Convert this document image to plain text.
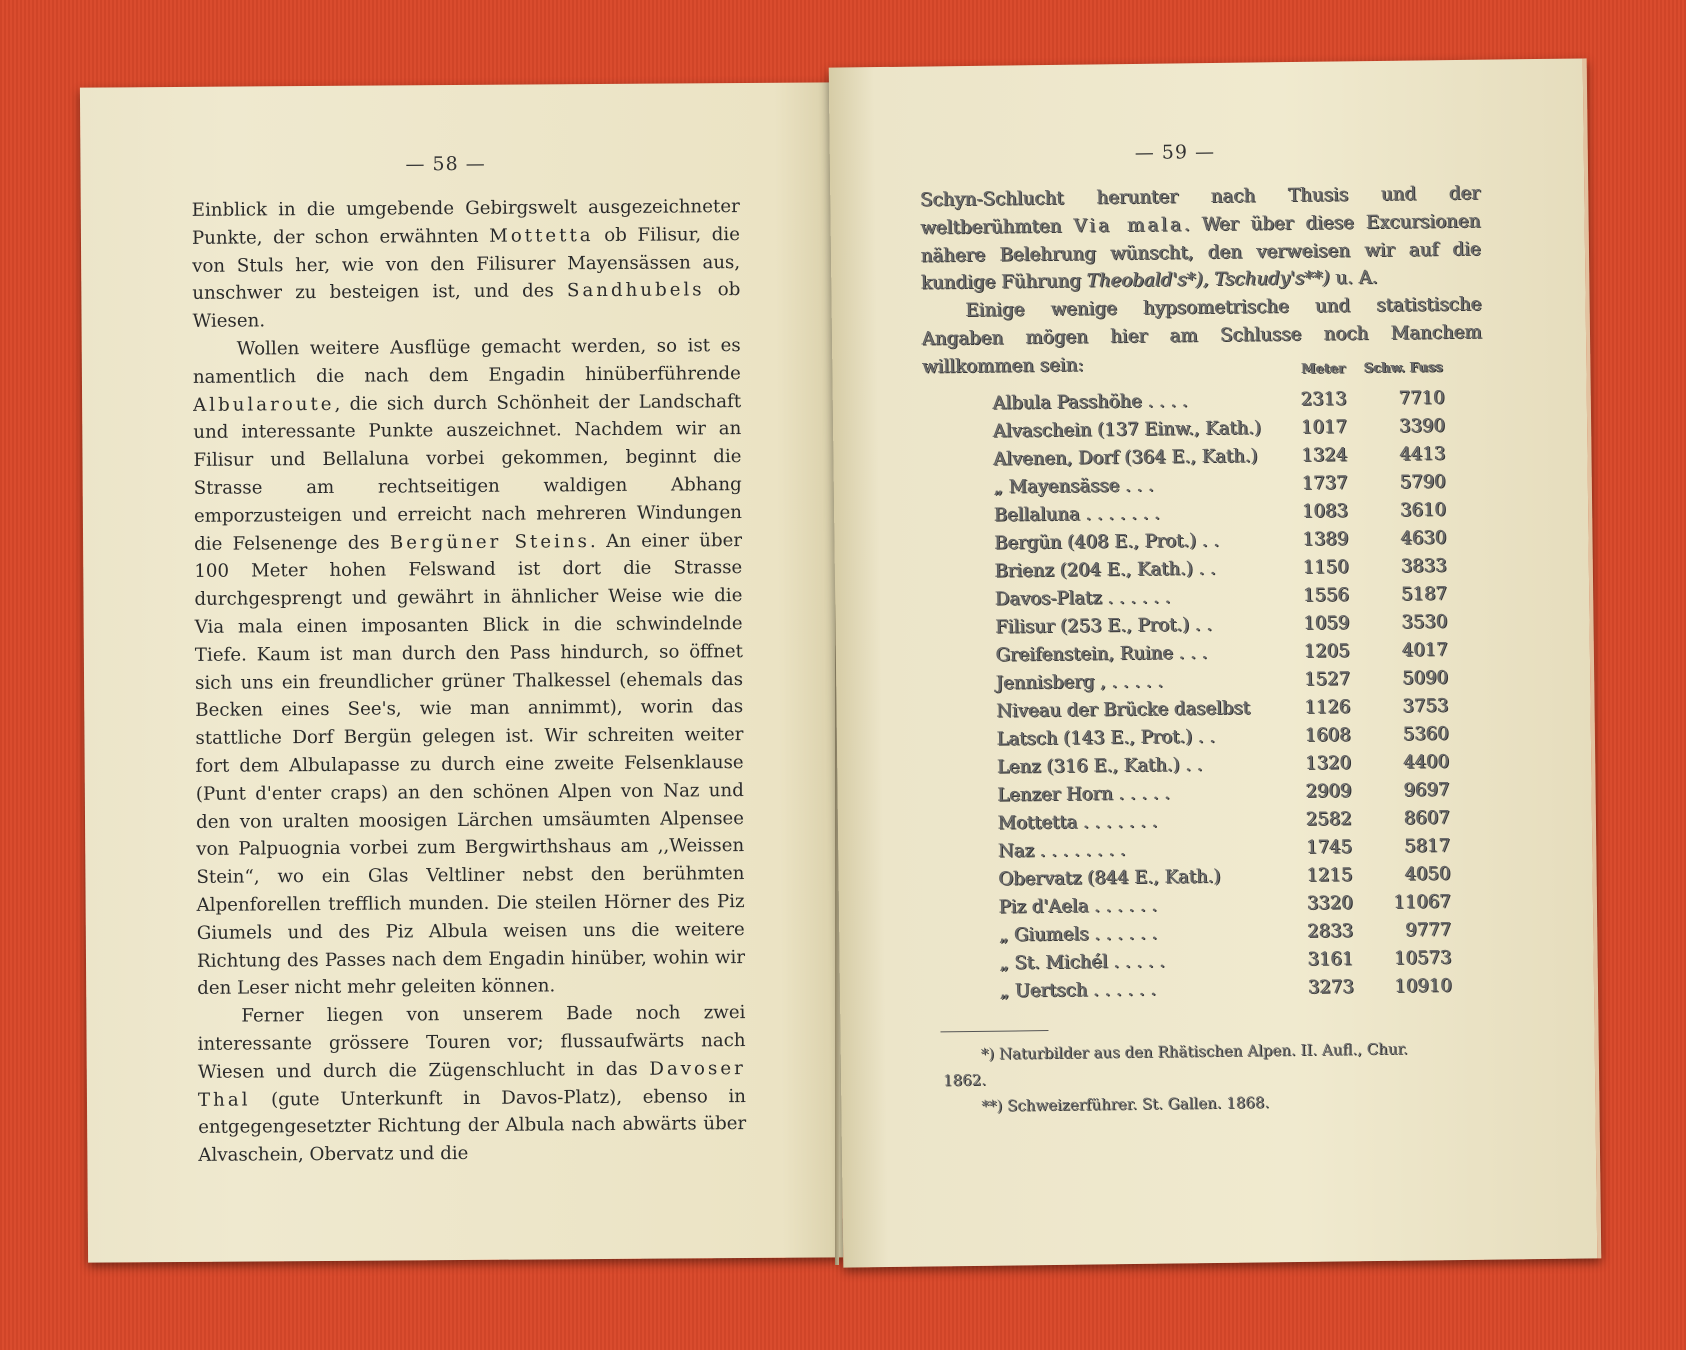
— 58 —

Einblick in die umgebende Gebirgswelt ausgezeichneter Punkte, der schon erwähnten Mottetta ob Filisur, die von Stuls her, wie von den Filisurer Mayensässen aus, unschwer zu besteigen ist, und des Sandhubels ob Wiesen.

Wollen weitere Ausflüge gemacht werden, so ist es namentlich die nach dem Engadin hinüberführende Albularoute, die sich durch Schönheit der Landschaft und interessante Punkte auszeichnet. Nachdem wir an Filisur und Bellaluna vorbei gekommen, beginnt die Strasse am rechtseitigen waldigen Abhang emporzusteigen und erreicht nach mehreren Windungen die Felsenenge des Bergüner Steins. An einer über 100 Meter hohen Felswand ist dort die Strasse durchgesprengt und gewährt in ähnlicher Weise wie die Via mala einen imposanten Blick in die schwindelnde Tiefe. Kaum ist man durch den Pass hindurch, so öffnet sich uns ein freundlicher grüner Thalkessel (ehemals das Becken eines See's, wie man annimmt), worin das stattliche Dorf Bergün gelegen ist. Wir schreiten weiter fort dem Albulapasse zu durch eine zweite Felsenklause (Punt d'enter craps) an den schönen Alpen von Naz und den von uralten moosigen Lärchen umsäumten Alpensee von Palpuognia vorbei zum Bergwirthshaus am ,,Weissen Stein“, wo ein Glas Veltliner nebst den berühmten Alpenforellen trefflich munden. Die steilen Hörner des Piz Giumels und des Piz Albula weisen uns die weitere Richtung des Passes nach dem Engadin hinüber, wohin wir den Leser nicht mehr geleiten können.

Ferner liegen von unserem Bade noch zwei interessante grössere Touren vor; flussaufwärts nach Wiesen und durch die Zügenschlucht in das Davoser Thal (gute Unterkunft in Davos-Platz), ebenso in entgegengesetzter Richtung der Albula nach abwärts über Alvaschein, Obervatz und die

— 59 —

Schyn-Schlucht herunter nach Thusis und der weltberühmten Via mala. Wer über diese Excursionen nähere Belehrung wünscht, den verweisen wir auf die kundige Führung Theobald's*), Tschudy's**) u. A.

Einige wenige hypsometrische und statistische Angaben mögen hier am Schlusse noch Manchem willkommen sein:

		Meter	Schw. Fuss
Albula Passhöhe . . . .	2313	7710
Alvaschein (137 Einw., Kath.)	1017	3390
Alvenen, Dorf (364 E., Kath.)	1324	4413
„ Mayensässe . . .	1737	5790
Bellaluna . . . . . . .	1083	3610
Bergün (408 E., Prot.) . .	1389	4630
Brienz (204 E., Kath.) . .	1150	3833
Davos-Platz . . . . . .	1556	5187
Filisur (253 E., Prot.) . .	1059	3530
Greifenstein, Ruine . . .	1205	4017
Jennisberg , . . . . .	1527	5090
Niveau der Brücke daselbst	1126	3753
Latsch (143 E., Prot.) . .	1608	5360
Lenz (316 E., Kath.) . .	1320	4400
Lenzer Horn . . . . .	2909	9697
Mottetta . . . . . . .	2582	8607
Naz . . . . . . . .	1745	5817
Obervatz (844 E., Kath.)	1215	4050
Piz d'Aela . . . . . .	3320	11067
„ Giumels . . . . . .	2833	9777
„ St. Michél . . . . .	3161	10573
„ Uertsch . . . . . .	3273	10910

*) Naturbilder aus den Rhätischen Alpen. II. Aufl., Chur.

1862.

**) Schweizerführer. St. Gallen. 1868.
